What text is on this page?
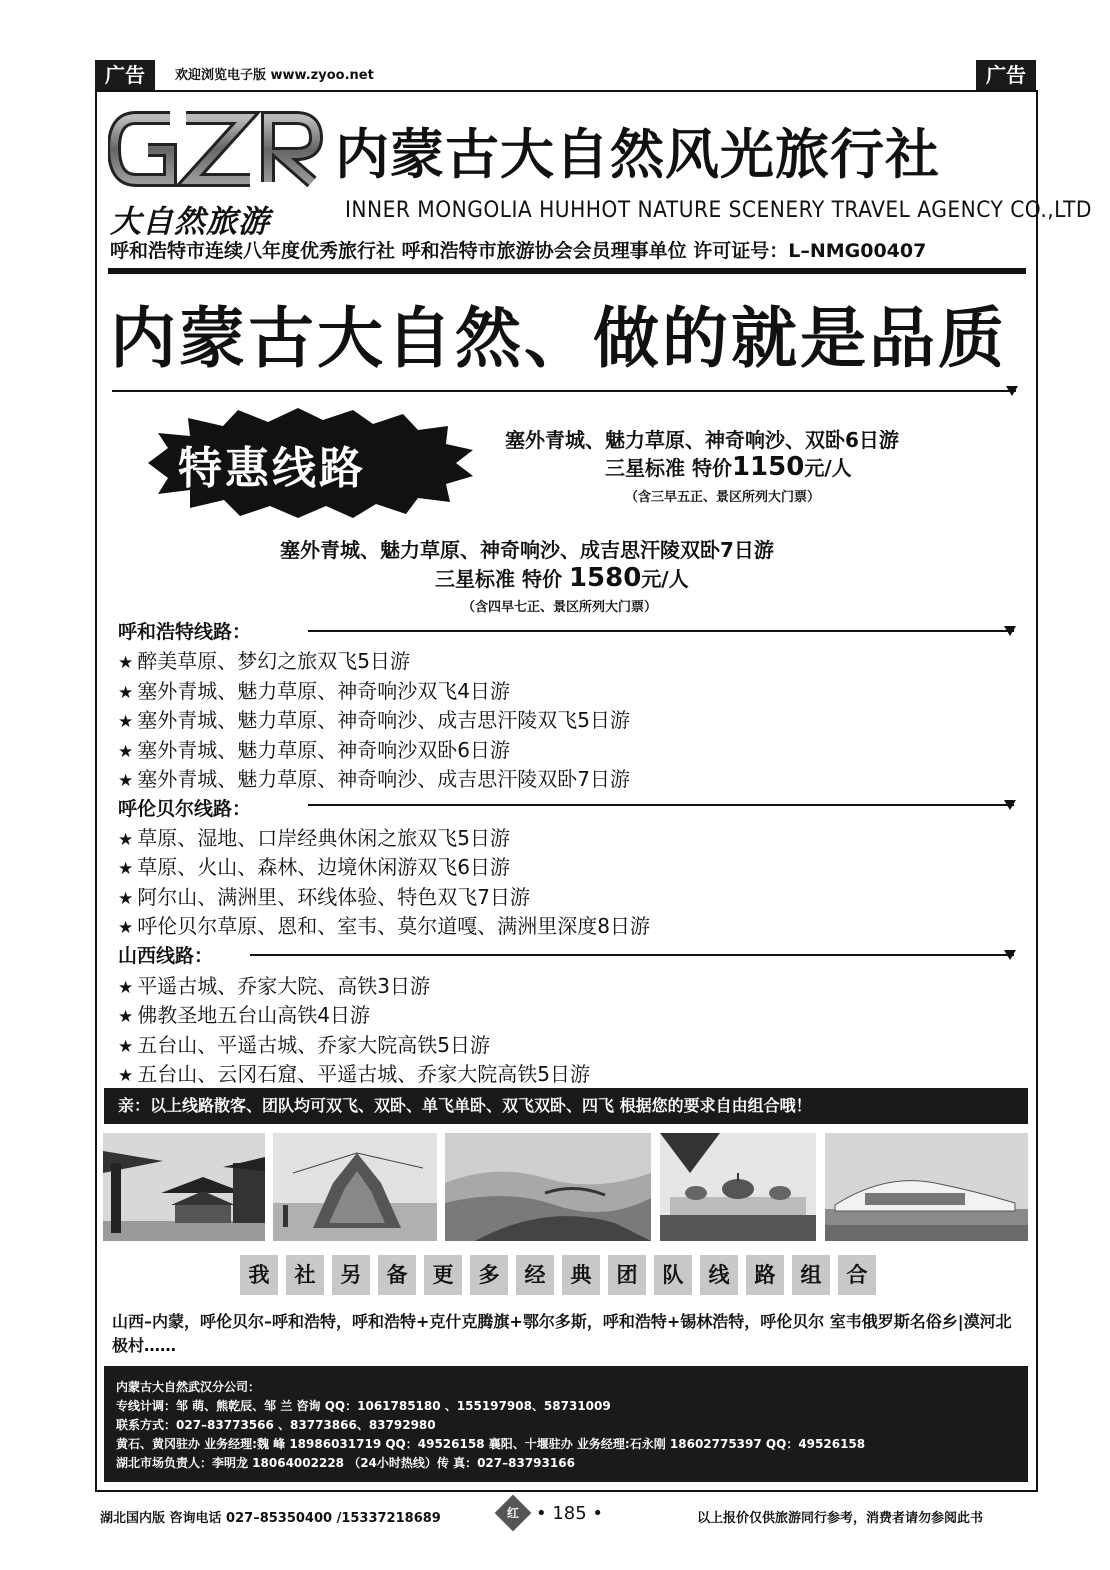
广告	欢迎浏览电子版 www.zyoo.net	广告
大自然旅游
内蒙古大自然风光旅行社
INNER MONGOLIA HUHHOT NATURE SCENERY TRAVEL AGENCY CO.,LTD
呼和浩特市连续八年度优秀旅行社 呼和浩特市旅游协会会员理事单位 许可证号：L–NMG00407
内蒙古大自然、做的就是品质
特惠线路
塞外青城、魅力草原、神奇响沙、双卧6日游
三星标准 特价1150元/人
（含三早五正、景区所列大门票）
塞外青城、魅力草原、神奇响沙、成吉思汗陵双卧7日游
三星标准 特价 1580元/人
（含四早七正、景区所列大门票）
呼和浩特线路：
★ 醉美草原、梦幻之旅双飞5日游
★ 塞外青城、魅力草原、神奇响沙双飞4日游
★ 塞外青城、魅力草原、神奇响沙、成吉思汗陵双飞5日游
★ 塞外青城、魅力草原、神奇响沙双卧6日游
★ 塞外青城、魅力草原、神奇响沙、成吉思汗陵双卧7日游
呼伦贝尔线路：
★ 草原、湿地、口岸经典休闲之旅双飞5日游
★ 草原、火山、森林、边境休闲游双飞6日游
★ 阿尔山、满洲里、环线体验、特色双飞7日游
★ 呼伦贝尔草原、恩和、室韦、莫尔道嘎、满洲里深度8日游
山西线路：
★ 平遥古城、乔家大院、高铁3日游
★ 佛教圣地五台山高铁4日游
★ 五台山、平遥古城、乔家大院高铁5日游
★ 五台山、云冈石窟、平遥古城、乔家大院高铁5日游
亲：以上线路散客、团队均可双飞、双卧、单飞单卧、双飞双卧、四飞 根据您的要求自由组合哦！
我	社	另	备	更	多	经	典	团	队	线	路	组	合
山西–内蒙，呼伦贝尔–呼和浩特，呼和浩特+克什克腾旗+鄂尔多斯，呼和浩特+锡林浩特，呼伦贝尔 室韦俄罗斯名俗乡|漠河北极村……
内蒙古大自然武汉分公司：
专线计调：邹 萌、熊乾辰、邹 兰 咨询 QQ：1061785180 、155197908、58731009
联系方式：027–83773566 、83773866、83792980
黄石、黄冈驻办 业务经理:魏 峰 18986031719 QQ：49526158 襄阳、十堰驻办 业务经理:石永刚 18602775397 QQ：49526158
湖北市场负责人：李明龙 18064002228 （24小时热线）传 真：027–83793166
湖北国内版 咨询电话 027–85350400 /15337218689	红 • 185 •	以上报价仅供旅游同行参考，消费者请勿参阅此书
